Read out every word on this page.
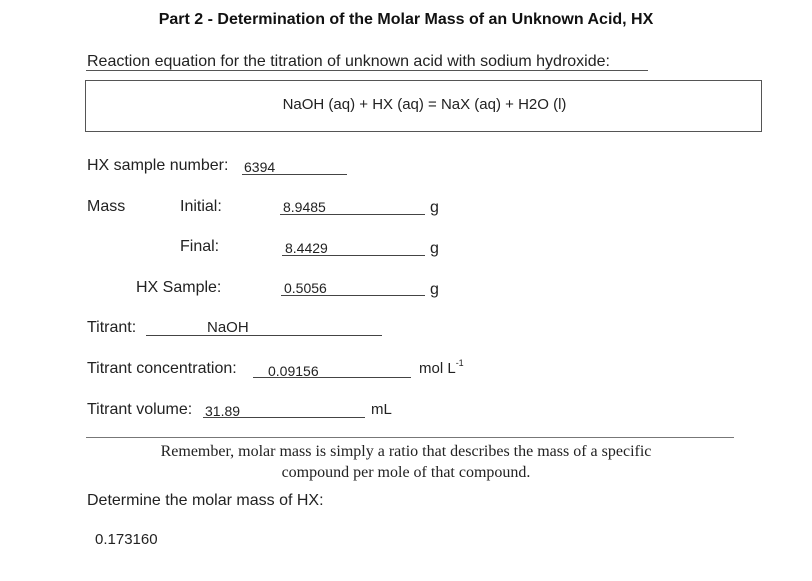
Part 2 - Determination of the Molar Mass of an Unknown Acid, HX
Reaction equation for the titration of unknown acid with sodium hydroxide:
NaOH (aq) + HX (aq) = NaX (aq) + H2O (l)
HX sample number: 6394
Mass	Initial:	8.9485	g
Final:	8.4429	g
HX Sample:	0.5056	g
Titrant:	NaOH
Titrant concentration: 0.09156	mol $L^{-1}$
Titrant volume: 31.89	mL
Remember, molar mass is simply a ratio that describes the mass of a specific
compound per mole of that compound.
Determine the molar mass of HX:
0.173160
